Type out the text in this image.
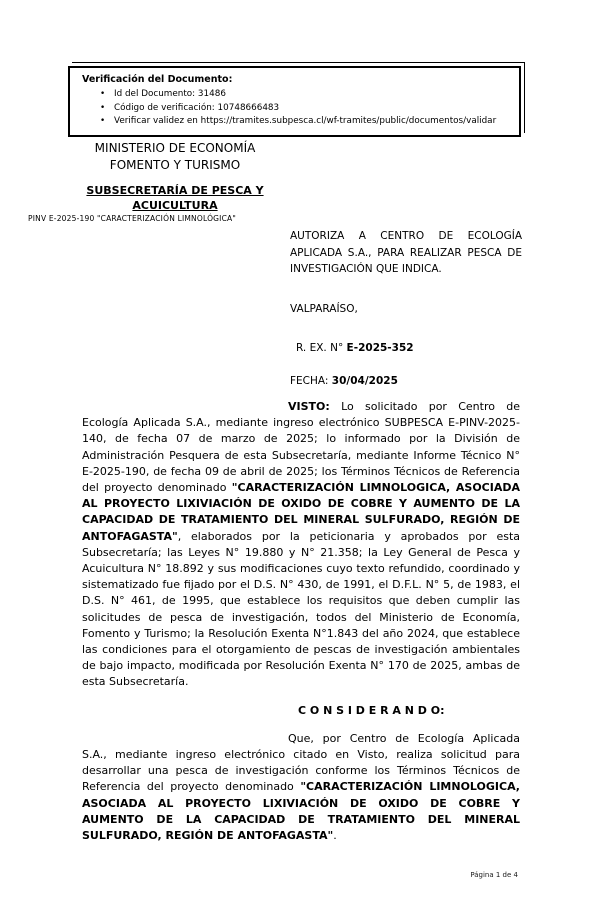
Verificación del Documento:
• Id del Documento: 31486
• Código de verificación: 10748666483
• Verificar validez en https://tramites.subpesca.cl/wf-tramites/public/documentos/validar
MINISTERIO DE ECONOMÍA
FOMENTO Y TURISMO
SUBSECRETARÍA DE PESCA Y ACUICULTURA
PINV E-2025-190 "CARACTERIZACIÓN LIMNOLÓGICA"
AUTORIZA A CENTRO DE ECOLOGÍA APLICADA S.A., PARA REALIZAR PESCA DE INVESTIGACIÓN QUE INDICA.
VALPARAÍSO,
R. EX. N° E-2025-352
FECHA: 30/04/2025

VISTO: Lo solicitado por Centro de Ecología Aplicada S.A., mediante ingreso electrónico SUBPESCA E-PINV-2025-140, de fecha 07 de marzo de 2025; lo informado por la División de Administración Pesquera de esta Subsecretaría, mediante Informe Técnico N° E-2025-190, de fecha 09 de abril de 2025; los Términos Técnicos de Referencia del proyecto denominado "CARACTERIZACIÓN LIMNOLOGICA, ASOCIADA AL PROYECTO LIXIVIACIÓN DE OXIDO DE COBRE Y AUMENTO DE LA CAPACIDAD DE TRATAMIENTO DEL MINERAL SULFURADO, REGIÓN DE ANTOFAGASTA", elaborados por la peticionaria y aprobados por esta Subsecretaría; las Leyes N° 19.880 y N° 21.358; la Ley General de Pesca y Acuicultura N° 18.892 y sus modificaciones cuyo texto refundido, coordinado y sistematizado fue fijado por el D.S. N° 430, de 1991, el D.F.L. N° 5, de 1983, el D.S. N° 461, de 1995, que establece los requisitos que deben cumplir las solicitudes de pesca de investigación, todos del Ministerio de Economía, Fomento y Turismo; la Resolución Exenta N°1.843 del año 2024, que establece las condiciones para el otorgamiento de pescas de investigación ambientales de bajo impacto, modificada por Resolución Exenta N° 170 de 2025, ambas de esta Subsecretaría.

C O N S I D E R A N D O:

Que, por Centro de Ecología Aplicada S.A., mediante ingreso electrónico citado en Visto, realiza solicitud para desarrollar una pesca de investigación conforme los Términos Técnicos de Referencia del proyecto denominado "CARACTERIZACIÓN LIMNOLOGICA, ASOCIADA AL PROYECTO LIXIVIACIÓN DE OXIDO DE COBRE Y AUMENTO DE LA CAPACIDAD DE TRATAMIENTO DEL MINERAL SULFURADO, REGIÓN DE ANTOFAGASTA".

Página 1 de 4
